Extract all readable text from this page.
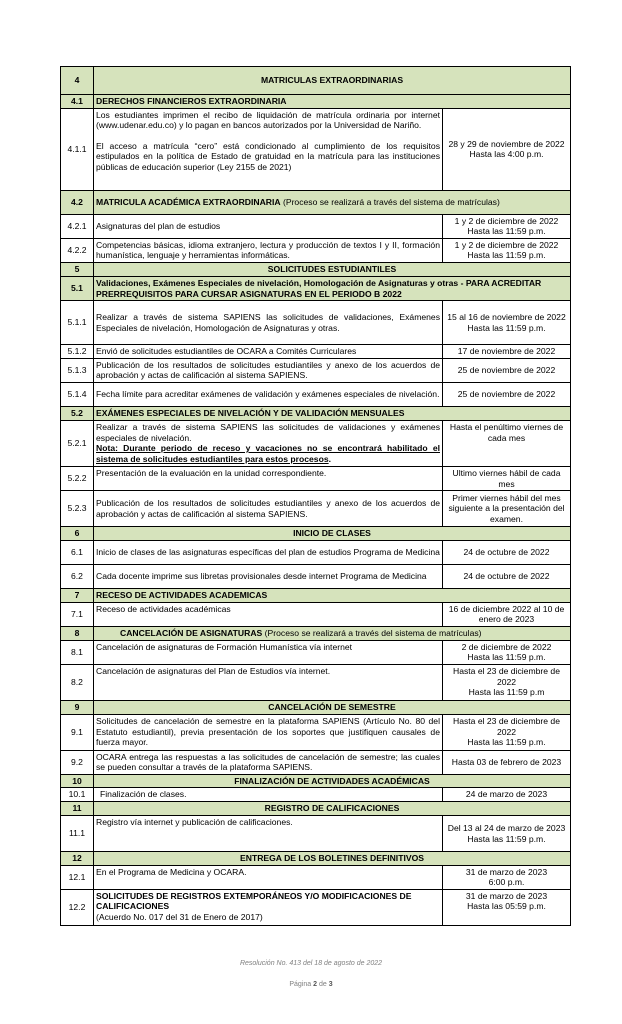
4	MATRICULAS EXTRAORDINARIAS	
4.1	DERECHOS FINANCIEROS EXTRAORDINARIA	
4.1.1	Los estudiantes imprimen el recibo de liquidación de matrícula ordinaria por internet (www.udenar.edu.co) y lo pagan en bancos autorizados por la Universidad de Nariño.
El acceso a matrícula “cero” está condicionado al cumplimiento de los requisitos estipulados en la política de Estado de gratuidad en la matrícula para las instituciones públicas de educación superior (Ley 2155 de 2021)	28 y 29 de noviembre de 2022
Hasta las 4:00 p.m.
4.2	MATRICULA ACADÉMICA EXTRAORDINARIA (Proceso se realizará a través del sistema de matrículas)	
4.2.1	Asignaturas del plan de estudios	1 y 2 de diciembre de 2022
Hasta las 11:59 p.m.
4.2.2	Competencias básicas, idioma extranjero, lectura y producción de textos I y II, formación humanística, lenguaje y herramientas informáticas.	1 y 2 de diciembre de 2022
Hasta las 11:59 p.m.
5	SOLICITUDES ESTUDIANTILES	
5.1	Validaciones, Exámenes Especiales de nivelación, Homologación de Asignaturas y otras - PARA ACREDITAR PRERREQUISITOS PARA CURSAR ASIGNATURAS EN EL PERIODO B 2022	
5.1.1	Realizar a través de sistema SAPIENS las solicitudes de validaciones, Exámenes Especiales de nivelación, Homologación de Asignaturas y otras.	15 al 16 de noviembre de 2022
Hasta las 11:59 p.m.
5.1.2	Envió de solicitudes estudiantiles de OCARA a Comités Curriculares	17 de noviembre de 2022
5.1.3	Publicación de los resultados de solicitudes estudiantiles y anexo de los acuerdos de aprobación y actas de calificación al sistema SAPIENS.	25 de noviembre de 2022
5.1.4	Fecha límite para acreditar exámenes de validación y exámenes especiales de nivelación.	25 de noviembre de 2022
5.2	EXÁMENES ESPECIALES DE NIVELACIÓN Y DE VALIDACIÓN MENSUALES	
5.2.1	Realizar a través de sistema SAPIENS las solicitudes de validaciones y exámenes especiales de nivelación.
Nota: Durante periodo de receso y vacaciones no se encontrará habilitado el sistema de solicitudes estudiantiles para estos procesos.	Hasta el penúltimo viernes de cada mes
5.2.2	Presentación de la evaluación en la unidad correspondiente.	Ultimo viernes hábil de cada mes
5.2.3	Publicación de los resultados de solicitudes estudiantiles y anexo de los acuerdos de aprobación y actas de calificación al sistema SAPIENS.	Primer viernes hábil del mes siguiente a la presentación del examen.
6	INICIO DE CLASES	
6.1	Inicio de clases de las asignaturas específicas del plan de estudios Programa de Medicina	24 de octubre de 2022
6.2	Cada docente imprime sus libretas provisionales desde internet Programa de Medicina	24 de octubre de 2022
7	RECESO DE ACTIVIDADES ACADEMICAS	
7.1	Receso de actividades académicas	16 de diciembre 2022 al 10 de enero de 2023
8	CANCELACIÓN DE ASIGNATURAS (Proceso se realizará a través del sistema de matrículas)	
8.1	Cancelación de asignaturas de Formación Humanística vía internet	2 de diciembre de 2022
Hasta las 11:59 p.m.
8.2	Cancelación de asignaturas del Plan de Estudios vía internet.	Hasta el 23 de diciembre de 2022
Hasta las 11:59 p.m
9	CANCELACIÓN DE SEMESTRE	
9.1	Solicitudes de cancelación de semestre en la plataforma SAPIENS (Artículo No. 80 del Estatuto estudiantil), previa presentación de los soportes que justifiquen causales de fuerza mayor.	Hasta el 23 de diciembre de 2022
Hasta las 11:59 p.m.
9.2	OCARA entrega las respuestas a las solicitudes de cancelación de semestre; las cuales se pueden consultar a través de la plataforma SAPIENS.	Hasta 03 de febrero de 2023
10	FINALIZACIÓN DE ACTIVIDADES ACADÉMICAS	
10.1	Finalización de clases.	24 de marzo de 2023
11	REGISTRO DE CALIFICACIONES	
11.1	Registro vía internet y publicación de calificaciones.	Del 13 al 24 de marzo de 2023
Hasta las 11:59 p.m.
12	ENTREGA DE LOS BOLETINES DEFINITIVOS	
12.1	En el Programa de Medicina y OCARA.	31 de marzo de 2023
6:00 p.m.
12.2	SOLICITUDES DE REGISTROS EXTEMPORÁNEOS Y/O MODIFICACIONES DE CALIFICACIONES
(Acuerdo No. 017 del 31 de Enero de 2017)	31 de marzo de 2023
Hasta las 05:59 p.m.
Resolución No. 413 del 18 de agosto de 2022
Página 2 de 3
